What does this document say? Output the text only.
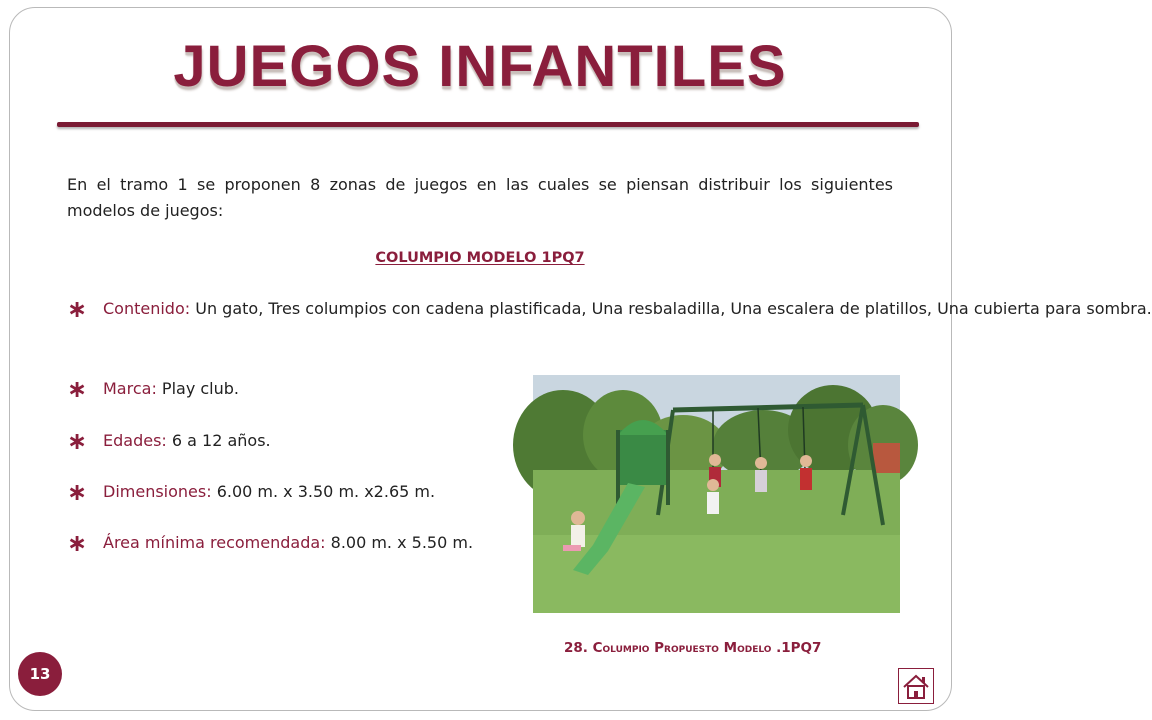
JUEGOS INFANTILES

En el tramo 1 se proponen 8 zonas de juegos en las cuales se piensan distribuir los siguientes modelos de juegos:

COLUMPIO MODELO 1PQ7

∗ Contenido: Un gato, Tres columpios con cadena plastificada, Una resbaladilla, Una escalera de platillos, Una cubierta para sombra.
∗ Marca: Play club.
∗ Edades: 6 a 12 años.
∗ Dimensiones: 6.00 m. x 3.50 m. x2.65 m.
∗ Área mínima recomendada: 8.00 m. x 5.50 m.

28. Columpio Propuesto Modelo .1PQ7

13
